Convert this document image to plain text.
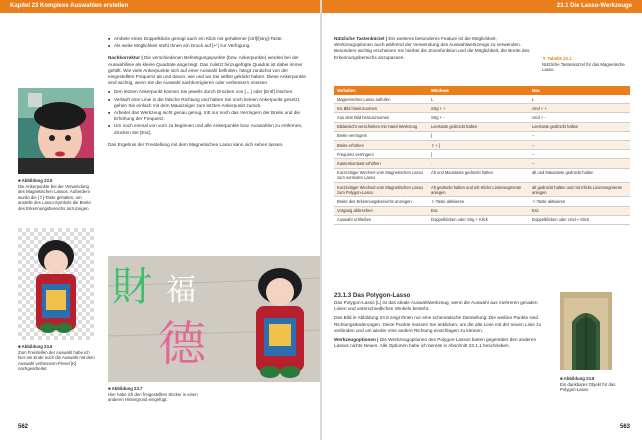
Kapitel 23 Komplexe Auswahlen erstellen
■ Abbildung 23.5
Die Ankerpunkte bei der Verwendung des Magnetischen Lassos. Außerdem wurde die [⇧]-Taste gehalten, um anstelle des Lasso-Symbols die Breite des Erkennungsbereichs anzuzeigen.
■ Abbildung 23.6
Zum Freistellen der Auswahl habe ich hier am Ende noch die Auswahl mit dem Auswahl verbessern-Pinsel [K] nachgearbeitet.
■ Ambele eines Doppelklicks genügt auch ein Klick mit gehaltener [ctrl]/[strg]-Taste.
■ Als weite Möglichkeit steht Ihnen ein Druck auf [↵] zur Verfügung.

Nachkorrektur | Die verschiedenen Befestigungspunkte (bzw. Ankerpunkte) werden bei der Auswahllinie als kleine Quadrate angezeigt. Das zuletzt hinzugefügte Quadrat ist dabei immer gefüllt. Wie viele Ankerpunkte sich auf einer Auswahl befinden, hängt zunächst von der eingestellten Frequenz ab und davon, wie und wo Sie selbst geklickt haben. Diese Ankerpunkte sind wichtig, wenn Sie die Auswahl nachkorrigieren oder verbessern müssen.

■ Den letzten Ankerpunkt können Sie jeweils durch Drücken von [←] oder [Entf] löschen.
■ Verläuft eine Linie in die falsche Richtung und haben Sie noch keinen Ankerpunkt gesetzt, gehen Sie einfach mit dem Mauszeiger zum letzten Ankerpunkt zurück.
■ Arbeitet das Werkzeug nicht genau genug, tritt nur noch das Verringern der Breite und die Erhöhung der Frequenz.
■ Um noch einmal von vorn zu beginnen und alle Ankerpunkte bzw. Auswahlen zu entfernen, drücken Sie [Esc].

Das Ergebnis der Freistellung mit dem Magnetischen Lasso kann sich sehen lassen.

財
德
福
■ Abbildung 23.7
Hier habe ich den freigestellten Sticker in einen anderen Hintergrund eingefügt.
562
23.1 Die Lasso-Werkzeuge

Nützliche Tastenkürzel | Ein weiteres besonderes Feature ist die Möglichkeit, Werkzeugoptionen auch während der Verwendung des Auswahlwerkzeugs zu verwenden. Besonders wichtig erscheinen mir hierbei die Zoomfunktion und die Möglichkeit, die Breite des Erkennungsbereichs anzupassen.	▼ Tabelle 23.1
Nützliche Tastenkürzel für das Magnetische Lasso
Vorhaben	Windows	Mac
Magnetisches Lasso aufrufen	L	L
Ins Bild hineinzoomen	Strg + +	cmd + +
Aus dem Bild herauszoomen	Strg + -	cmd + -
Bildansicht verschieben mit Hand-Werkzeug	Leertaste gedrückt halten	Leertaste gedrückt halten
Breite verringern	[	–
Breite erhöhen	⇧ + ]	–
Frequenz verringern	[	–
Kantenkontrast erhöhen	.	–
Kurzzeitiger Wechsel vom Magnetischen Lasso zum normalen Lasso	Alt und Maustaste gedrückt halten	alt und Maustaste gedrückt halten
Kurzzeitiger Wechsel vom Magnetischen Lasso zum Polygon-Lasso	Alt gedrückt halten und mit Klicks Liniensegmente anlegen	alt gedrückt halten und mit Klicks Liniensegmente anlegen
Breite des Erkennungsbereichs anzeigen	⇪-Taste aktivieren	⇪-Taste aktivieren
Vorgang abbrechen	Esc	Esc
Auswahl schließen	Doppelklicken oder Strg + Klick	Doppelklicken oder cmd + Klick
23.1.3 Das Polygon-Lasso

Das Polygon-Lasso [L] ist das ideale Auswahlwerkzeug, wenn die Auswahl aus mehreren geraden Linien und unterschiedlichen Winkeln besteht.

Das Bild in Abbildung 23.8 zeigt Ihnen nur eine schematische Darstellung: Die weißen Punkte sind Richtungsänderungen. Diese Punkte müssen Sie anklicken, um die alte Linie mit der neuen Linie zu verbinden und um wieder eine andere Richtung einschlagen zu können.

Werkzeugoptionen | Die Werkzeugoptionen des Polygon-Lassos bieten gegenüber den anderen Lassos nichts Neues. Alle Optionen habe ich bereits in Abschnitt 23.1.1 beschrieben.

■ Abbildung 23.8
Ein dankbares Objekt für das Polygon-Lasso
563
